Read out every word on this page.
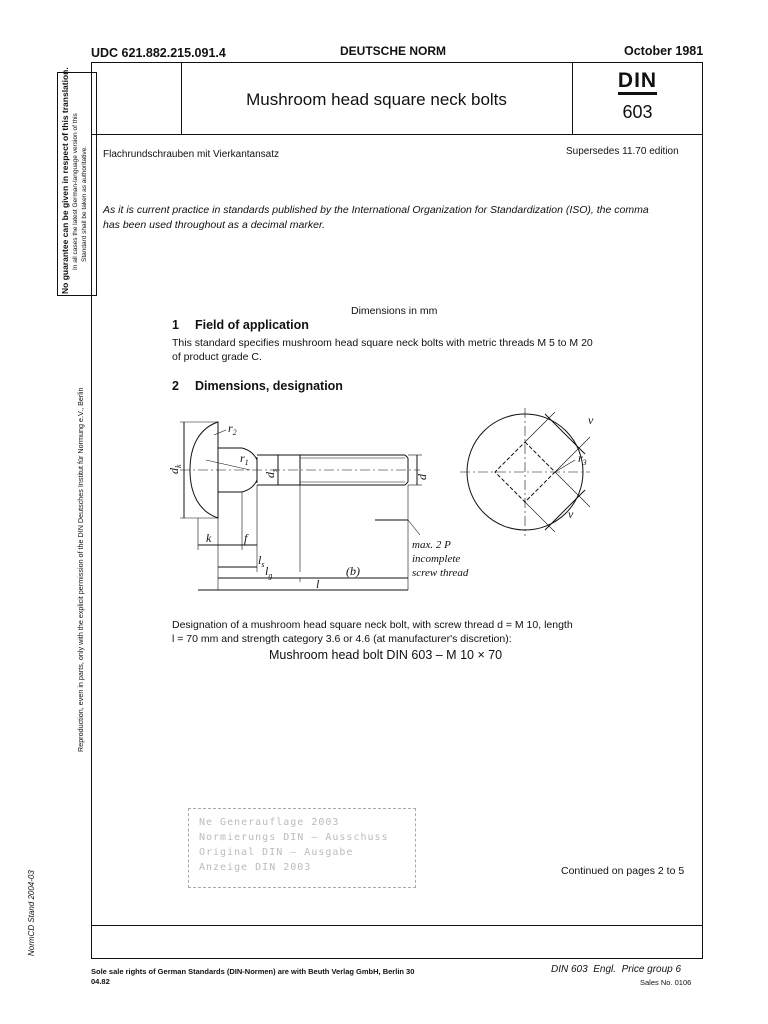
UDC 621.882.215.091.4	DEUTSCHE NORM	October 1981
Mushroom head square neck bolts
DIN
603
Flachrundschrauben mit Vierkantansatz	Supersedes 11.70 edition
As it is current practice in standards published by the International Organization for Standardization (ISO), the comma has been used throughout as a decimal marker.
Dimensions in mm
1 Field of application
This standard specifies mushroom head square neck bolts with metric threads M 5 to M 20
of product grade C.
2 Dimensions, designation
$d_k$
$d_s$
d
$r_1$
$r_2$
$r_3$
k	f
$l_s$ $l_g$	(b)
l
v
v
max. 2 P
incomplete
screw thread
Designation of a mushroom head square neck bolt, with screw thread d = M 10, length
l = 70 mm and strength category 3.6 or 4.6 (at manufacturer's discretion):
Mushroom head bolt DIN 603 – M 10 × 70
Ne Generauflage 2003
Normierungs DIN – Ausschuss
Original DIN – Ausgabe
Anzeige DIN 2003	Continued on pages 2 to 5
Sole sale rights of German Standards (DIN-Normen) are with Beuth Verlag GmbH, Berlin 30
04.82
DIN 603  Engl.  Price group 6
Sales No. 0106
No guarantee can be given in respect of this translation. In all cases the latest German-language version of this Standard shall be taken as authoritative.
Reproduction, even in parts, only with the explicit permission of the DIN Deutsches Institut für Normung e.V., Berlin
NormCD Stand 2004-03
